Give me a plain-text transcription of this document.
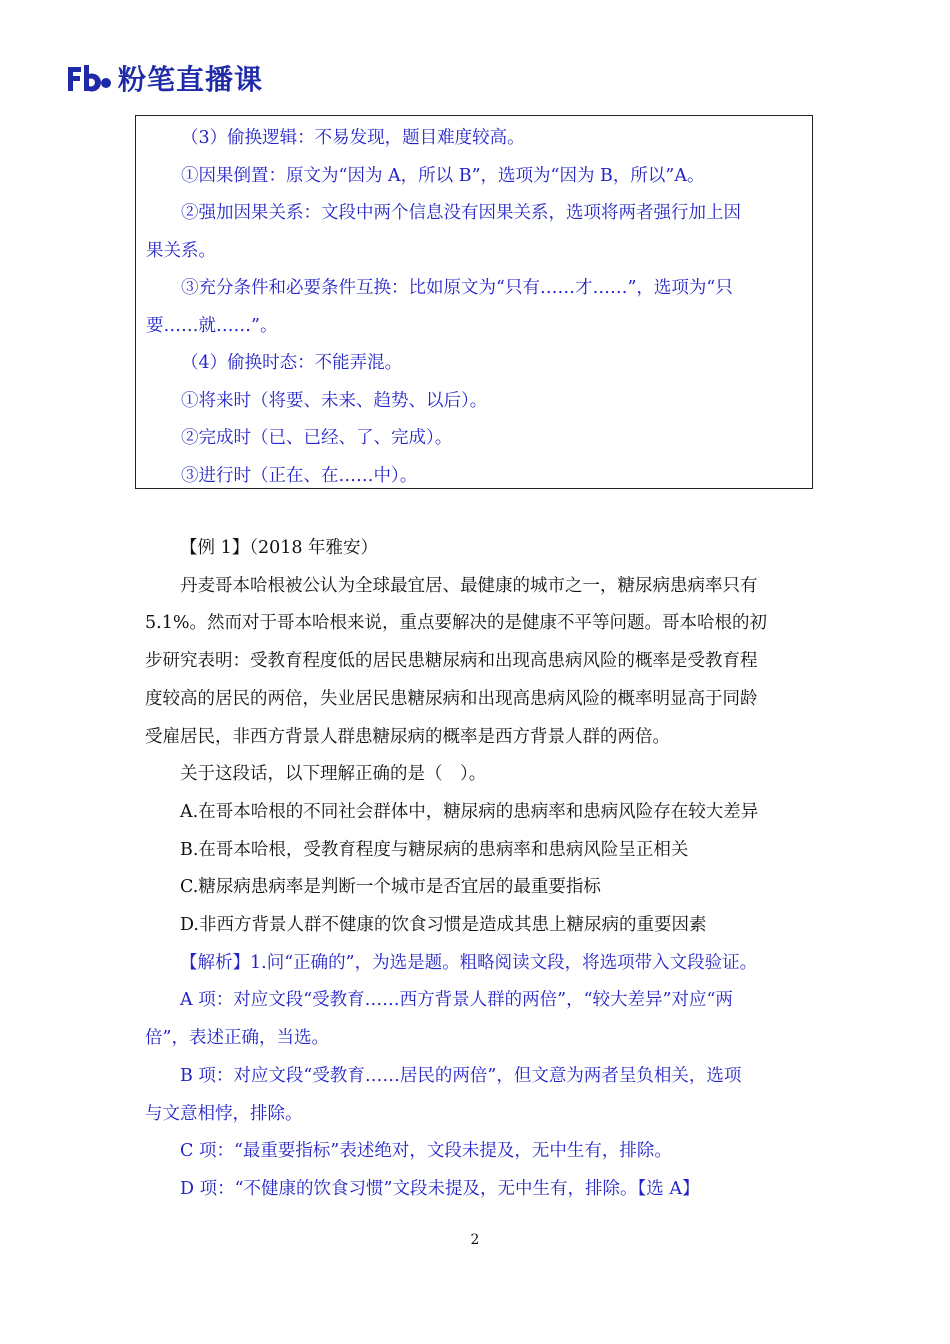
粉笔直播课
（3）偷换逻辑：不易发现，题目难度较高。
①因果倒置：原文为“因为 A，所以 B”，选项为“因为 B，所以”A。
②强加因果关系：文段中两个信息没有因果关系，选项将两者强行加上因
果关系。
③充分条件和必要条件互换：比如原文为“只有……才……”，选项为“只
要……就……”。
（4）偷换时态：不能弄混。
①将来时（将要、未来、趋势、以后）。
②完成时（已、已经、了、完成）。
③进行时（正在、在……中）。
【例 1】（2018 年雅安）
丹麦哥本哈根被公认为全球最宜居、最健康的城市之一，糖尿病患病率只有
5.1%。然而对于哥本哈根来说，重点要解决的是健康不平等问题。哥本哈根的初
步研究表明：受教育程度低的居民患糖尿病和出现高患病风险的概率是受教育程
度较高的居民的两倍，失业居民患糖尿病和出现高患病风险的概率明显高于同龄
受雇居民，非西方背景人群患糖尿病的概率是西方背景人群的两倍。
关于这段话，以下理解正确的是（　）。
A.在哥本哈根的不同社会群体中，糖尿病的患病率和患病风险存在较大差异
B.在哥本哈根，受教育程度与糖尿病的患病率和患病风险呈正相关
C.糖尿病患病率是判断一个城市是否宜居的最重要指标
D.非西方背景人群不健康的饮食习惯是造成其患上糖尿病的重要因素
【解析】1.问“正确的”，为选是题。粗略阅读文段，将选项带入文段验证。
A 项：对应文段“受教育……西方背景人群的两倍”，“较大差异”对应“两
倍”，表述正确，当选。
B 项：对应文段“受教育……居民的两倍”，但文意为两者呈负相关，选项
与文意相悖，排除。
C 项：“最重要指标”表述绝对，文段未提及，无中生有，排除。
D 项：“不健康的饮食习惯”文段未提及，无中生有，排除。【选 A】
2
